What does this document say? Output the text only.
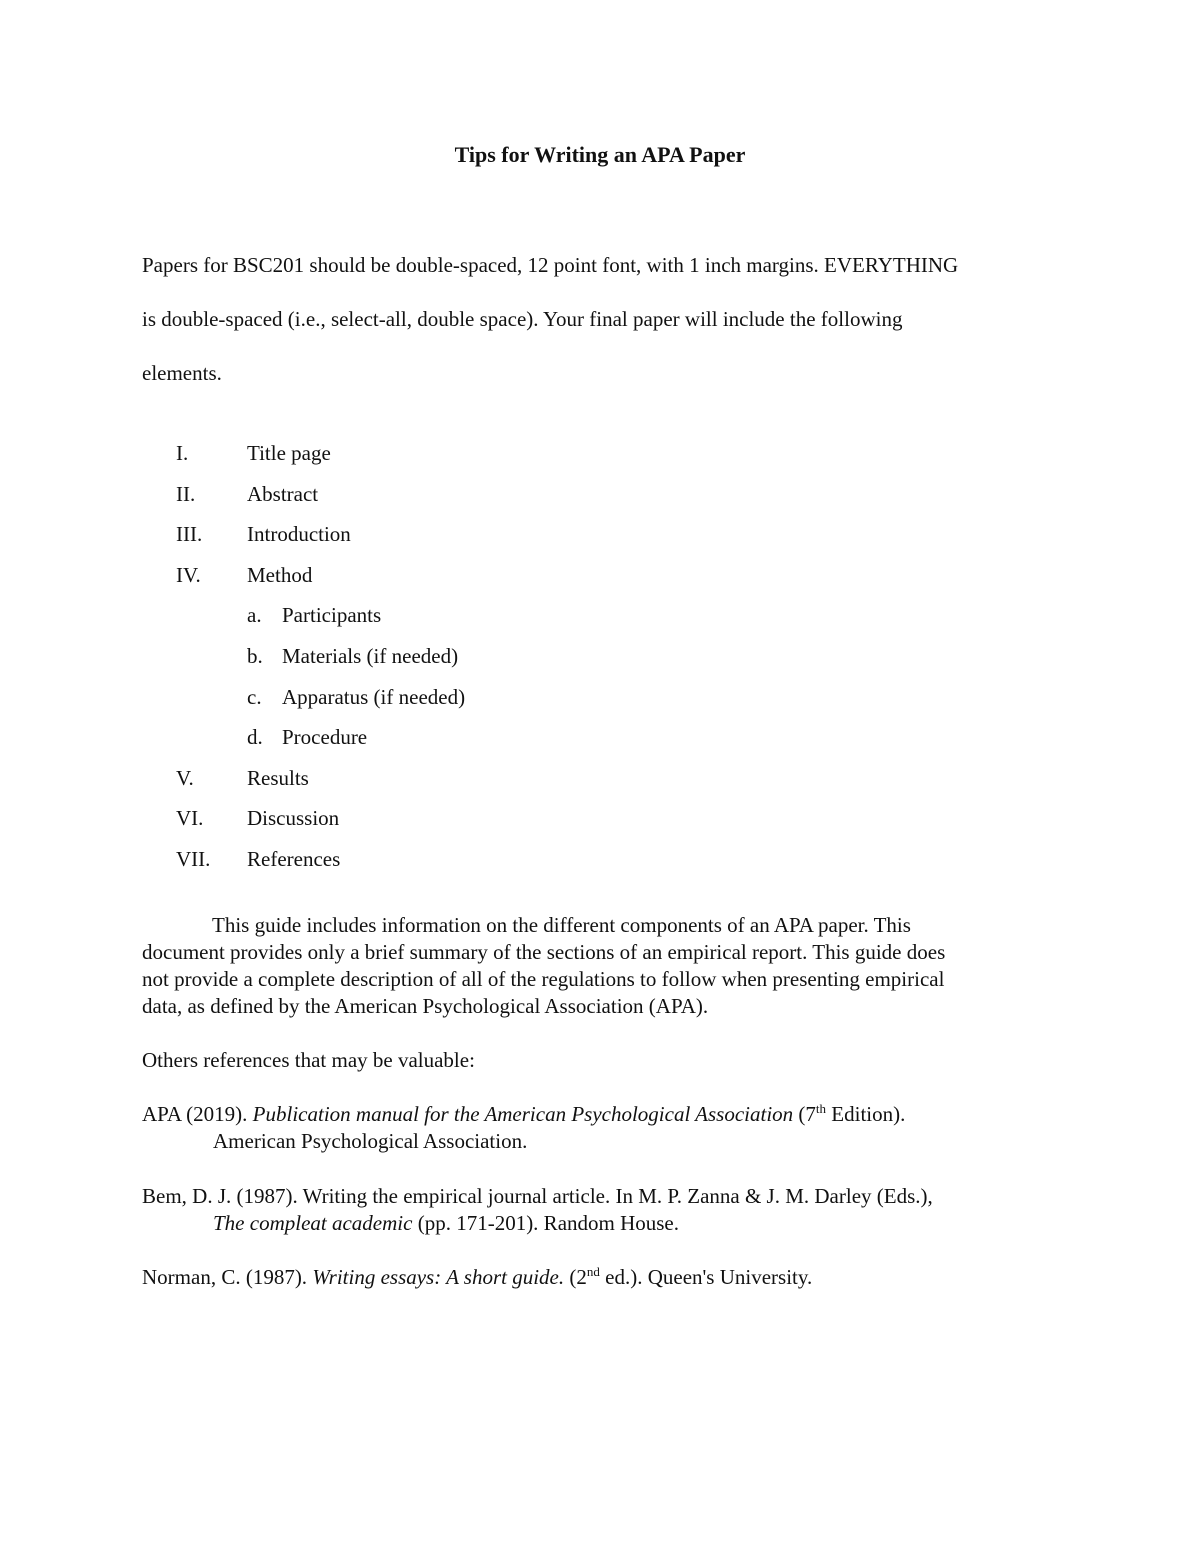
Tips for Writing an APA Paper
Papers for BSC201 should be double-spaced, 12 point font, with 1 inch margins. EVERYTHING
is double-spaced (i.e., select-all, double space). Your final paper will include the following
elements.
I.	Title page
II. Abstract
III. Introduction
IV. Method
a. Participants
b. Materials (if needed)
c. Apparatus (if needed)
d. Procedure
V.	Results
VI. Discussion
VII. References
This guide includes information on the different components of an APA paper. This
document provides only a brief summary of the sections of an empirical report. This guide does
not provide a complete description of all of the regulations to follow when presenting empirical
data, as defined by the American Psychological Association (APA).
Others references that may be valuable:
APA (2019). Publication manual for the American Psychological Association (7th Edition).
American Psychological Association.
Bem, D. J. (1987). Writing the empirical journal article. In M. P. Zanna & J. M. Darley (Eds.),
The compleat academic (pp. 171-201). Random House.
Norman, C. (1987). Writing essays: A short guide. (2nd ed.). Queen's University.
